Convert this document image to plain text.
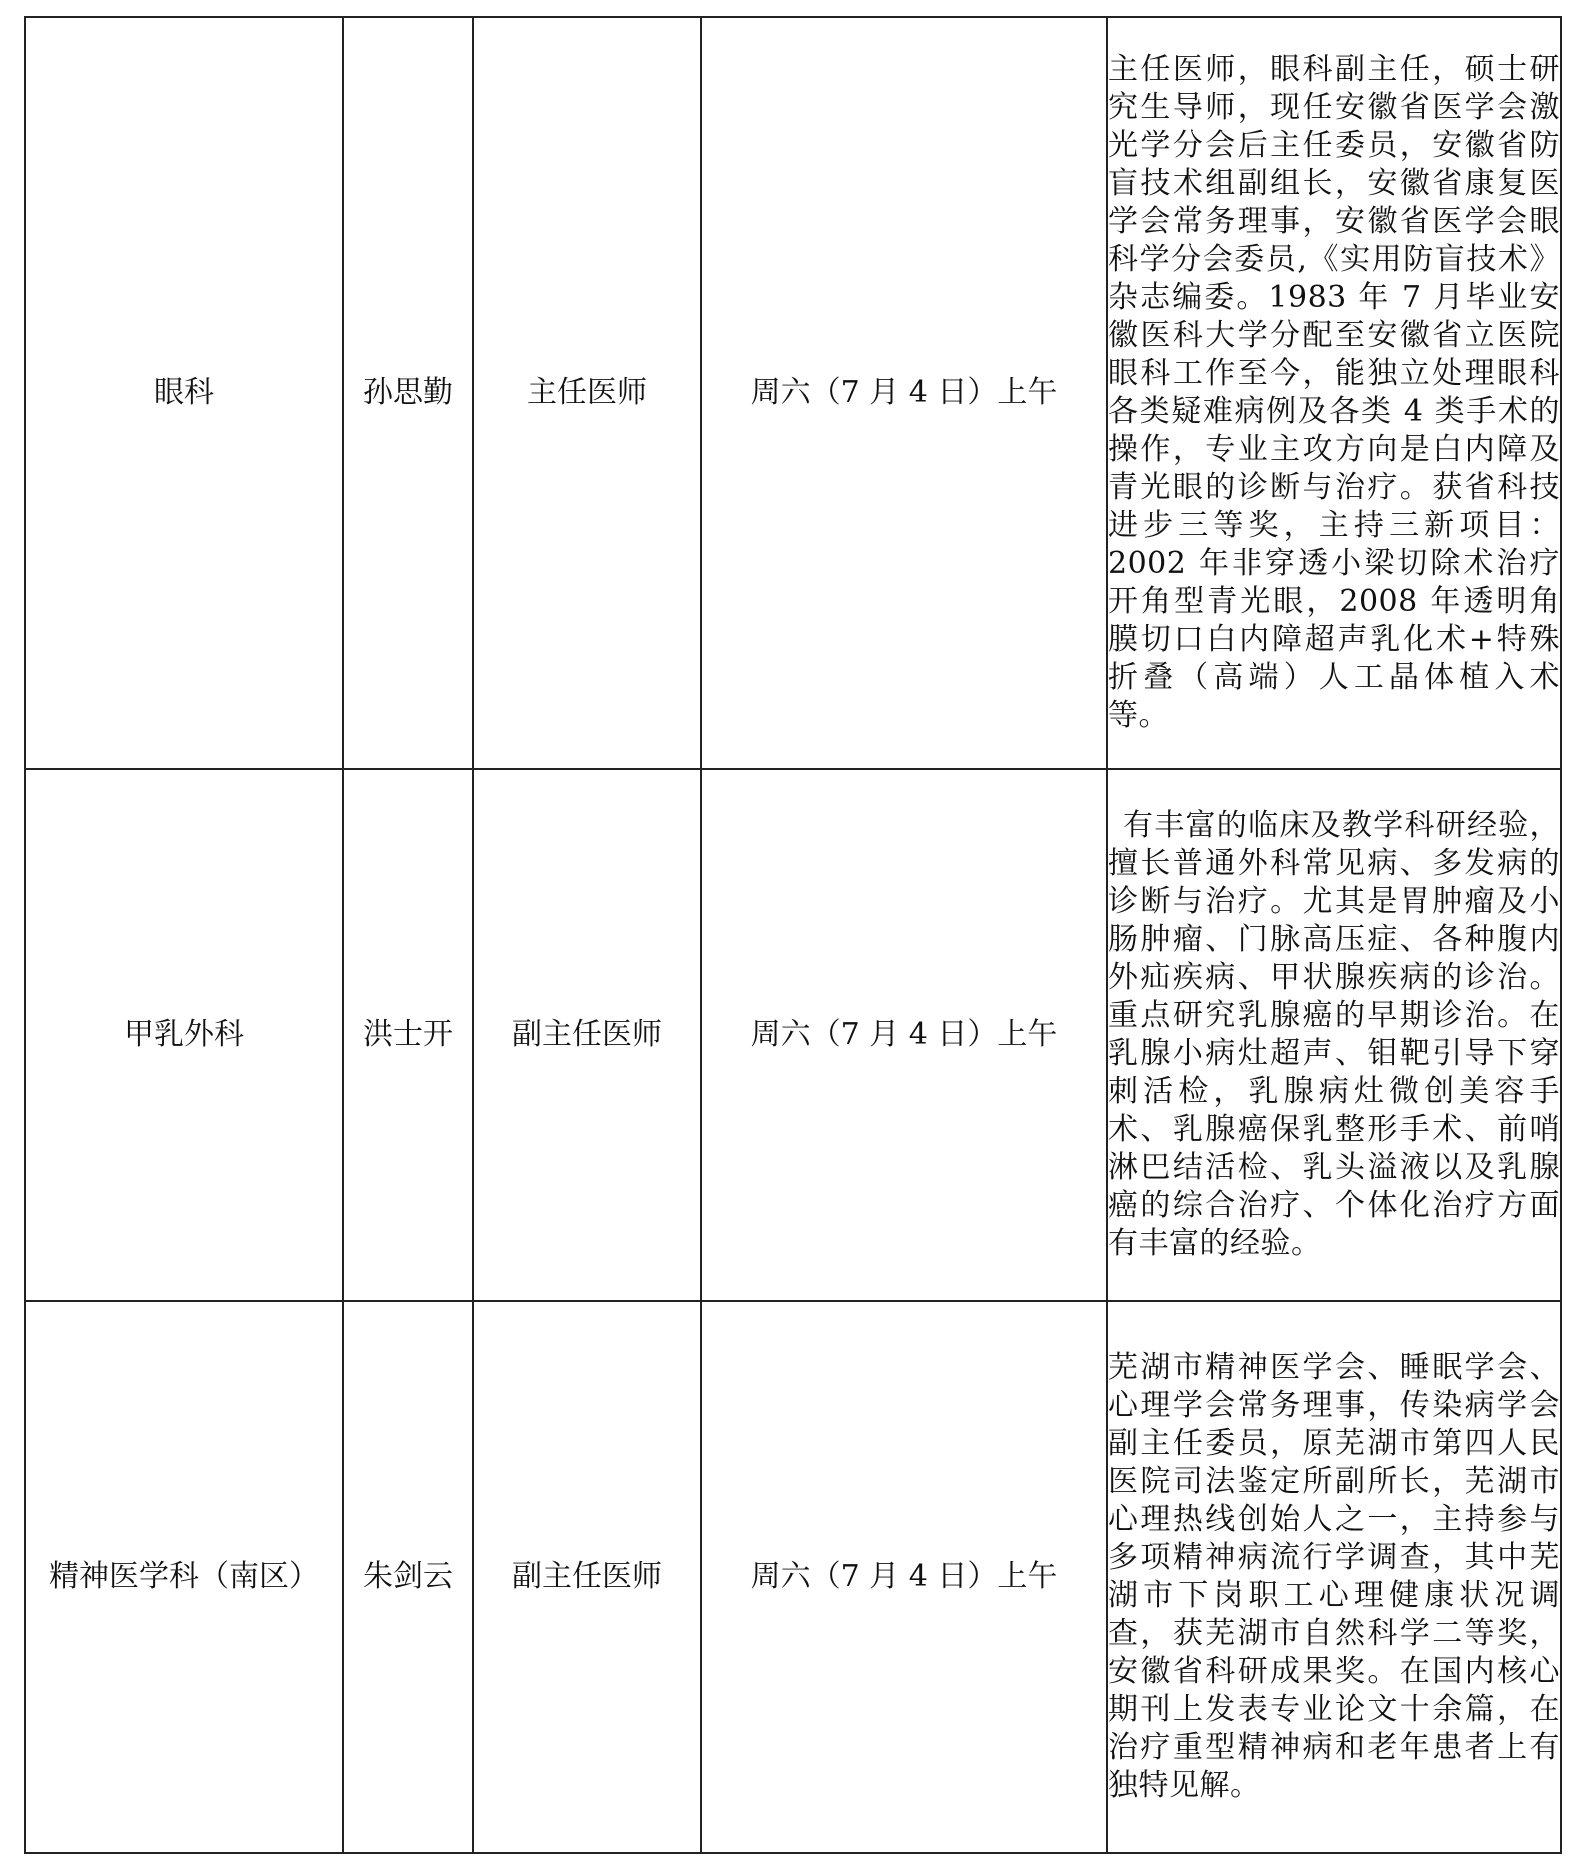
眼科	孙思勤	主任医师	周六（7 月 4 日）上午	主任医师，眼科副主任，硕士研究生导师，现任安徽省医学会激光学分会后主任委员，安徽省防盲技术组副组长，安徽省康复医学会常务理事，安徽省医学会眼科学分会委员,《实用防盲技术》杂志编委。1983 年 7 月毕业安徽医科大学分配至安徽省立医院眼科工作至今，能独立处理眼科各类疑难病例及各类 4 类手术的操作，专业主攻方向是白内障及青光眼的诊断与治疗。获省科技进步三等奖，主持三新项目：2002 年非穿透小梁切除术治疗开角型青光眼，2008 年透明角膜切口白内障超声乳化术+特殊折叠（高端）人工晶体植入术等。

甲乳外科	洪士开	副主任医师	周六（7 月 4 日）上午	有丰富的临床及教学科研经验，擅长普通外科常见病、多发病的诊断与治疗。尤其是胃肿瘤及小肠肿瘤、门脉高压症、各种腹内外疝疾病、甲状腺疾病的诊治。重点研究乳腺癌的早期诊治。在乳腺小病灶超声、钼靶引导下穿刺活检，乳腺病灶微创美容手术、乳腺癌保乳整形手术、前哨淋巴结活检、乳头溢液以及乳腺癌的综合治疗、个体化治疗方面有丰富的经验。

精神医学科（南区）	朱剑云	副主任医师	周六（7 月 4 日）上午	芜湖市精神医学会、睡眠学会、心理学会常务理事，传染病学会副主任委员，原芜湖市第四人民医院司法鉴定所副所长，芜湖市心理热线创始人之一，主持参与多项精神病流行学调查，其中芜湖市下岗职工心理健康状况调查，获芜湖市自然科学二等奖，安徽省科研成果奖。在国内核心期刊上发表专业论文十余篇，在治疗重型精神病和老年患者上有独特见解。
